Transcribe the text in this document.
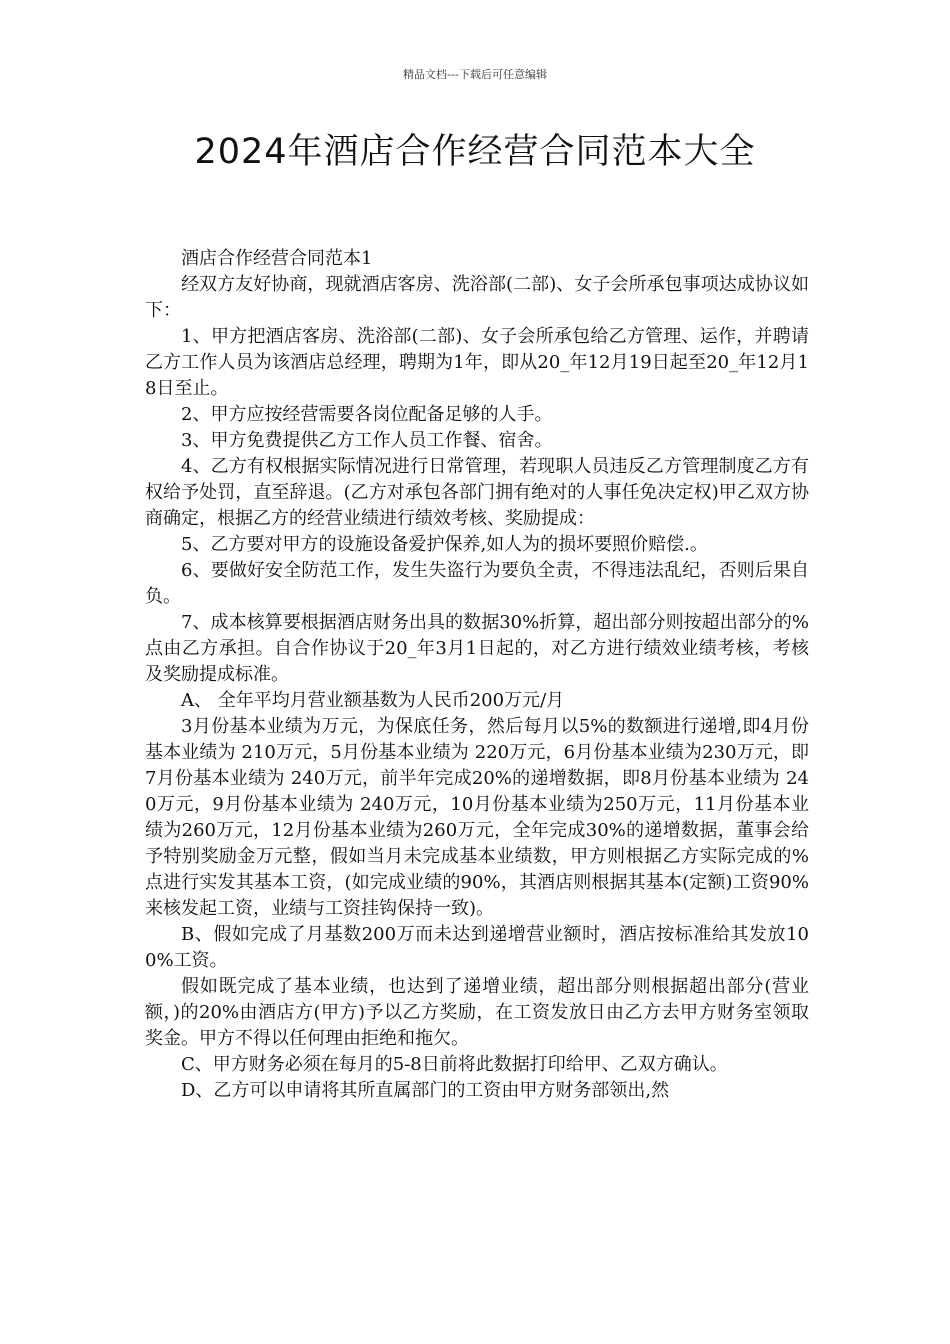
精品文档---下载后可任意编辑
2024年酒店合作经营合同范本大全

酒店合作经营合同范本1

经双方友好协商，现就酒店客房、洗浴部(二部)、女子会所承包事项达成协议如下：

1、甲方把酒店客房、洗浴部(二部)、女子会所承包给乙方管理、运作，并聘请乙方工作人员为该酒店总经理，聘期为1年，即从20_年12月19日起至20_年12月18日至止。

2、甲方应按经营需要各岗位配备足够的人手。

3、甲方免费提供乙方工作人员工作餐、宿舍。

4、乙方有权根据实际情况进行日常管理，若现职人员违反乙方管理制度乙方有权给予处罚，直至辞退。(乙方对承包各部门拥有绝对的人事任免决定权)甲乙双方协商确定，根据乙方的经营业绩进行绩效考核、奖励提成：

5、乙方要对甲方的设施设备爱护保养,如人为的损坏要照价赔偿.。

6、要做好安全防范工作，发生失盗行为要负全责，不得违法乱纪，否则后果自负。

7、成本核算要根据酒店财务出具的数据30%折算，超出部分则按超出部分的%点由乙方承担。自合作协议于20_年3月1日起的，对乙方进行绩效业绩考核，考核及奖励提成标准。

A、 全年平均月营业额基数为人民币200万元/月

3月份基本业绩为万元，为保底任务，然后每月以5%的数额进行递增,即4月份基本业绩为 210万元，5月份基本业绩为 220万元，6月份基本业绩为230万元，即7月份基本业绩为 240万元，前半年完成20%的递增数据，即8月份基本业绩为 240万元，9月份基本业绩为 240万元，10月份基本业绩为250万元，11月份基本业绩为260万元，12月份基本业绩为260万元，全年完成30%的递增数据，董事会给予特别奖励金万元整，假如当月未完成基本业绩数，甲方则根据乙方实际完成的%点进行实发其基本工资，(如完成业绩的90%，其酒店则根据其基本(定额)工资90%来核发起工资，业绩与工资挂钩保持一致)。

B、假如完成了月基数200万而未达到递增营业额时，酒店按标准给其发放100%工资。

假如既完成了基本业绩，也达到了递增业绩，超出部分则根据超出部分(营业额，)的20%由酒店方(甲方)予以乙方奖励，在工资发放日由乙方去甲方财务室领取奖金。甲方不得以任何理由拒绝和拖欠。

C、甲方财务必须在每月的5-8日前将此数据打印给甲、乙双方确认。

D、乙方可以申请将其所直属部门的工资由甲方财务部领出,然
